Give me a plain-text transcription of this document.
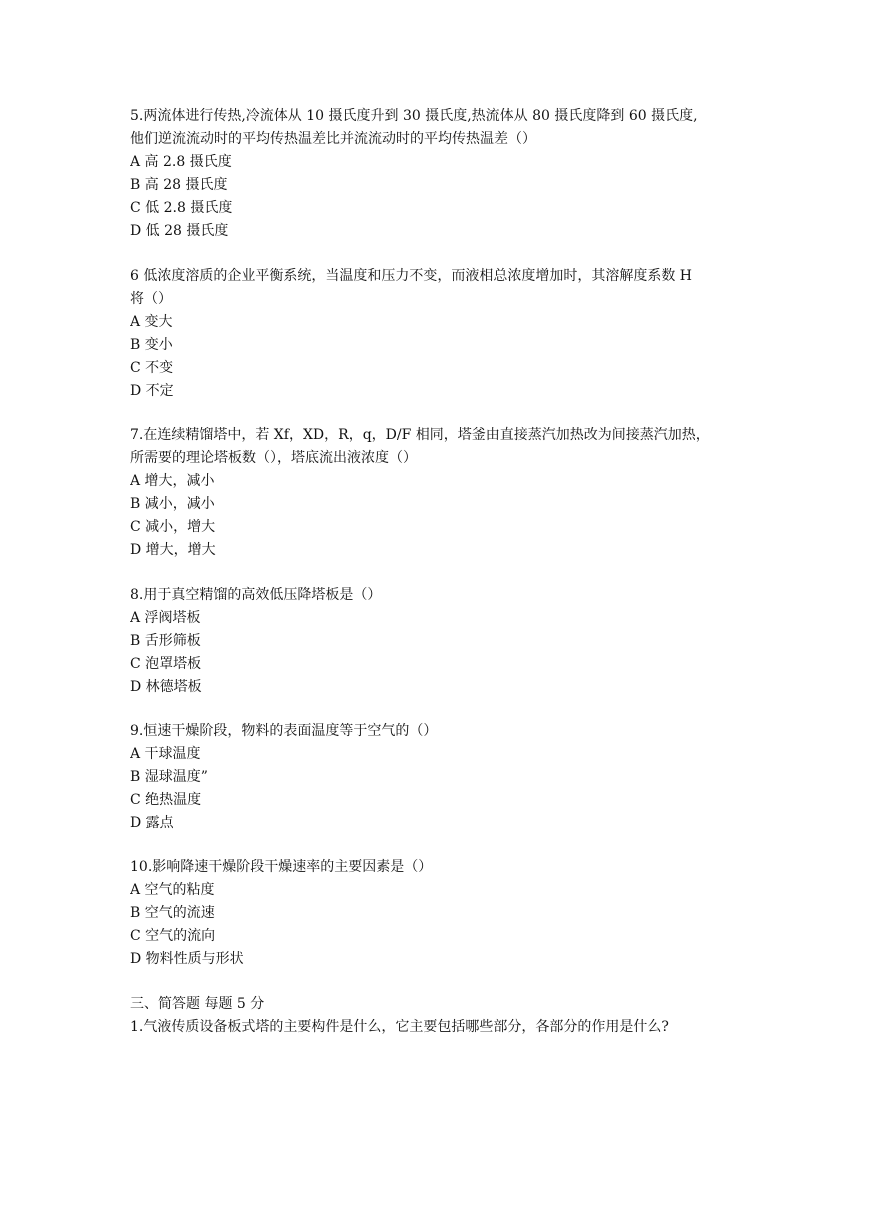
5.两流体进行传热,冷流体从 10 摄氏度升到 30 摄氏度,热流体从 80 摄氏度降到 60 摄氏度,
他们逆流流动时的平均传热温差比并流流动时的平均传热温差（）
A 高 2.8 摄氏度
B 高 28 摄氏度
C 低 2.8 摄氏度
D 低 28 摄氏度
6 低浓度溶质的企业平衡系统，当温度和压力不变，而液相总浓度增加时，其溶解度系数 H
将（）
A 变大
B 变小
C 不变
D 不定
7.在连续精馏塔中，若 Xf，XD，R，q，D/F 相同，塔釜由直接蒸汽加热改为间接蒸汽加热，
所需要的理论塔板数（），塔底流出液浓度（）
A 增大，减小
B 减小，减小
C 减小，增大
D 增大，增大
8.用于真空精馏的高效低压降塔板是（）
A 浮阀塔板
B 舌形筛板
C 泡罩塔板
D 林德塔板
9.恒速干燥阶段，物料的表面温度等于空气的（）
A 干球温度
B 湿球温度”
C 绝热温度
D 露点
10.影响降速干燥阶段干燥速率的主要因素是（）
A 空气的粘度
B 空气的流速
C 空气的流向
D 物料性质与形状
三、简答题 每题 5 分
1.气液传质设备板式塔的主要构件是什么，它主要包括哪些部分，各部分的作用是什么?
